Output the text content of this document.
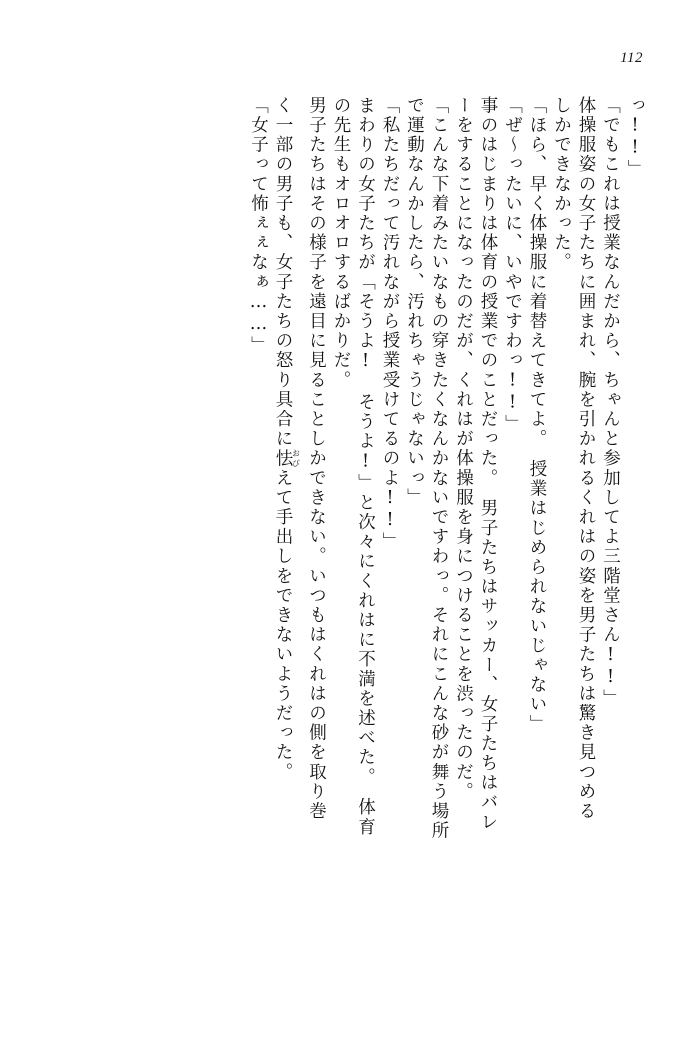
112
っ!!」
「でもこれは授業なんだから、ちゃんと参加してよ三階堂さん!!」
体操服姿の女子たちに囲まれ、腕を引かれるくれはの姿を男子たちは驚き見つめる
しかできなかった。
「ほら、早く体操服に着替えてきてよ。　授業はじめられないじゃない」
「ぜ～ったいに、いやですわっ!!」
事のはじまりは体育の授業でのことだった。　男子たちはサッカー、女子たちはバレ
ーをすることになったのだが、くれはが体操服を身につけることを渋ったのだ。
「こんな下着みたいなもの穿きたくなんかないですわっ。それにこんな砂が舞う場所
で運動なんかしたら、汚れちゃうじゃないっ」
「私たちだって汚れながら授業受けてるのよ!!」
まわりの女子たちが「そうよ!　そうよ!」と次々にくれはに不満を述べた。　体育
の先生もオロオロするばかりだ。
男子たちはその様子を遠目に見ることしかできない。いつもはくれはの側を取り巻
く一部の男子も、女子たちの怒り具合に怯おびえて手出しをできないようだった。
「女子って怖ぇぇなぁ……」
